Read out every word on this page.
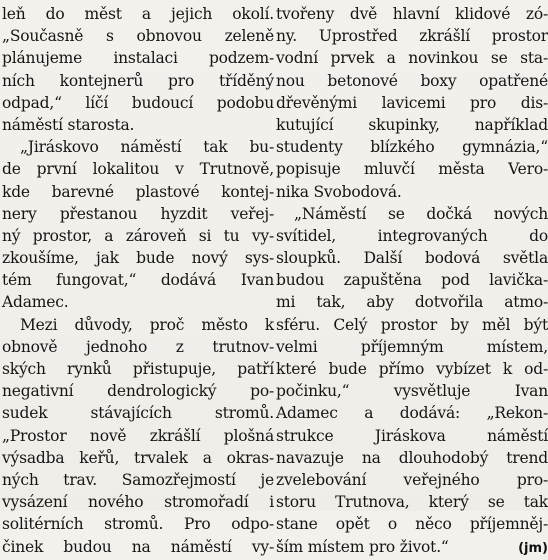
leň do měst a jejich okolí.
„Současně s obnovou zeleně
plánujeme instalaci podzem-
ních kontejnerů pro tříděný
odpad,“ líčí budoucí podobu
náměstí starosta.
„Jiráskovo náměstí tak bu-
de první lokalitou v Trutnově,
kde barevné plastové kontej-
nery přestanou hyzdit veřej-
ný prostor, a zároveň si tu vy-
zkoušíme, jak bude nový sys-
tém fungovat,“ dodává Ivan
Adamec.
Mezi důvody, proč město k
obnově jednoho z trutnov-
ských rynků přistupuje, patří
negativní dendrologický po-
sudek stávajících stromů.
„Prostor nově zkrášlí plošná
výsadba keřů, trvalek a okras-
ných trav. Samozřejmostí je
vysázení nového stromořadí i
solitérních stromů. Pro odpo-
činek budou na náměstí vy-
tvořeny dvě hlavní klidové zó-
ny. Uprostřed zkrášlí prostor
vodní prvek a novinkou se sta-
nou betonové boxy opatřené
dřevěnými lavicemi pro dis-
kutující skupinky, například
studenty blízkého gymnázia,“
popisuje mluvčí města Vero-
nika Svobodová.
„Náměstí se dočká nových
svítidel, integrovaných do
sloupků. Další bodová světla
budou zapuštěna pod lavička-
mi tak, aby dotvořila atmo-
sféru. Celý prostor by měl být
velmi příjemným místem,
které bude přímo vybízet k od-
počinku,“ vysvětluje Ivan
Adamec a dodává: „Rekon-
strukce Jiráskova náměstí
navazuje na dlouhodobý trend
zvelebování veřejného pro-
storu Trutnova, který se tak
stane opět o něco příjemněj-
ším místem pro život.“	(jm)
